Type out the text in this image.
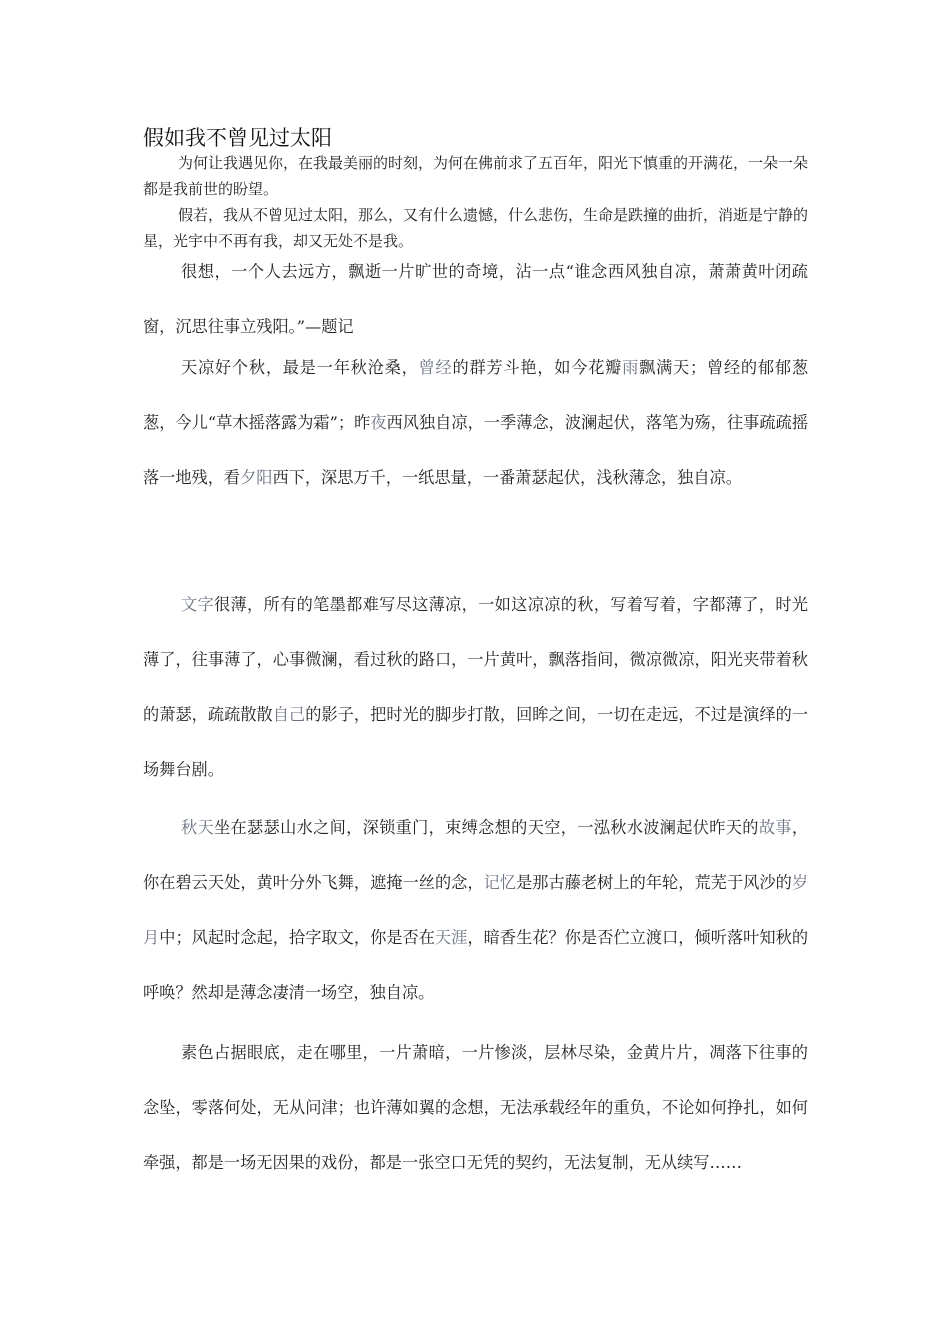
假如我不曾见过太阳

为何让我遇见你，在我最美丽的时刻，为何在佛前求了五百年，阳光下慎重的开满花，一朵一朵都是我前世的盼望。

假若，我从不曾见过太阳，那么，又有什么遗憾，什么悲伤，生命是跌撞的曲折，消逝是宁静的星，光宇中不再有我，却又无处不是我。

很想，一个人去远方，飘逝一片旷世的奇境，沾一点“谁念西风独自凉，萧萧黄叶闭疏窗，沉思往事立残阳。”—题记

天凉好个秋，最是一年秋沧桑，曾经的群芳斗艳，如今花瓣雨飘满天；曾经的郁郁葱葱，今儿“草木摇落露为霜”；昨夜西风独自凉，一季薄念，波澜起伏，落笔为殇，往事疏疏摇落一地残，看夕阳西下，深思万千，一纸思量，一番萧瑟起伏，浅秋薄念，独自凉。

文字很薄，所有的笔墨都难写尽这薄凉，一如这凉凉的秋，写着写着，字都薄了，时光薄了，往事薄了，心事微澜，看过秋的路口，一片黄叶，飘落指间，微凉微凉，阳光夹带着秋的萧瑟，疏疏散散自己的影子，把时光的脚步打散，回眸之间，一切在走远，不过是演绎的一场舞台剧。

秋天坐在瑟瑟山水之间，深锁重门，束缚念想的天空，一泓秋水波澜起伏昨天的故事，你在碧云天处，黄叶分外飞舞，遮掩一丝的念，记忆是那古藤老树上的年轮，荒芜于风沙的岁月中；风起时念起，拾字取文，你是否在天涯，暗香生花？你是否伫立渡口，倾听落叶知秋的呼唤？然却是薄念凄清一场空，独自凉。

素色占据眼底，走在哪里，一片萧暗，一片惨淡，层林尽染，金黄片片，凋落下往事的念坠，零落何处，无从问津；也许薄如翼的念想，无法承载经年的重负，不论如何挣扎，如何牵强，都是一场无因果的戏份，都是一张空口无凭的契约，无法复制，无从续写……
